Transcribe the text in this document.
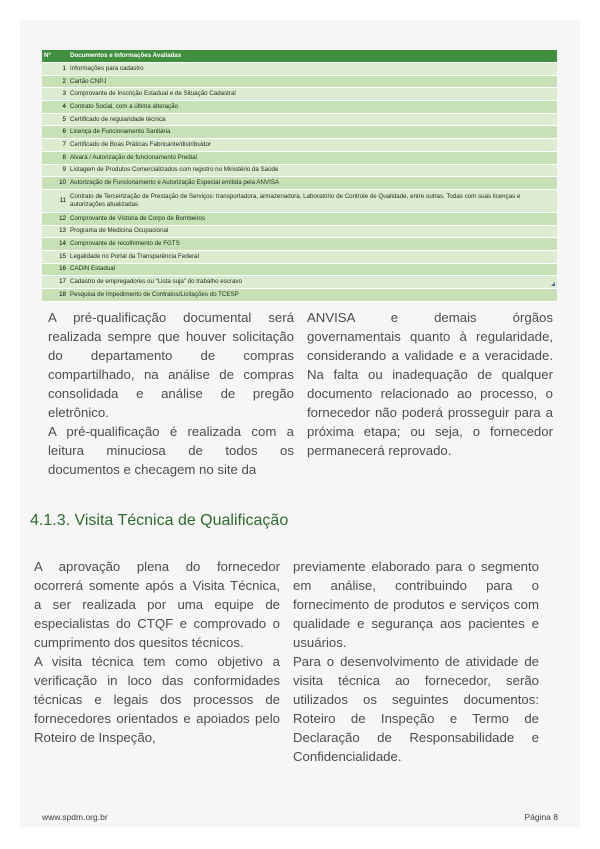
Nº	Documentos e Informações Avaliadas
1	Informações para cadastro
2	Cartão CNPJ
3	Comprovante de Inscrição Estadual e de Situação Cadastral
4	Contrato Social, com a última alteração
5	Certificado de regularidade técnica
6	Licença de Funcionamento Sanitária
7	Certificado de Boas Práticas Fabricante/distribuidor
8	Alvará / Autorização de funcionamento Predial
9	Listagem de Produtos Comercializados com registro no Ministério da Saúde
10	Autorização de Funcionamento e Autorização Especial emitida pela ANVISA
11	Contrato de Terceirização de Prestação de Serviços: transportadora, armazenadora, Laboratório de Controle de Qualidade, entre outras. Todas com suas licenças e autorizações atualizadas
12	Comprovante de Vistoria de Corpo de Bombeiros
13	Programa de Medicina Ocupacional
14	Comprovante de recolhimento de FGTS
15	Legalidade no Portal da Transparência Federal
16	CADIN Estadual
17	Cadastro de empregadores ou “Lista suja” do trabalho escravo
18	Pesquisa de Impedimento de Contratos/Licitações do TCESP

A pré-qualificação documental será realizada sempre que houver solicitação do departamento de compras compartilhado, na análise de compras consolidada e análise de pregão eletrônico.

A pré-qualificação é realizada com a leitura minuciosa de todos os documentos e checagem no site da

ANVISA e demais órgãos governamentais quanto à regularidade, considerando a validade e a veracidade. Na falta ou inadequação de qualquer documento relacionado ao processo, o fornecedor não poderá prosseguir para a próxima etapa; ou seja, o fornecedor permanecerá reprovado.

4.1.3. Visita Técnica de Qualificação

A aprovação plena do fornecedor ocorrerá somente após a Visita Técnica, a ser realizada por uma equipe de especialistas do CTQF e comprovado o cumprimento dos quesitos técnicos.

A visita técnica tem como objetivo a verificação in loco das conformidades técnicas e legais dos processos de fornecedores orientados e apoiados pelo Roteiro de Inspeção,

previamente elaborado para o segmento em análise, contribuindo para o fornecimento de produtos e serviços com qualidade e segurança aos pacientes e usuários.

Para o desenvolvimento de atividade de visita técnica ao fornecedor, serão utilizados os seguintes documentos: Roteiro de Inspeção e Termo de Declaração de Responsabilidade e Confidencialidade.

www.spdm.org.br	Página 8
